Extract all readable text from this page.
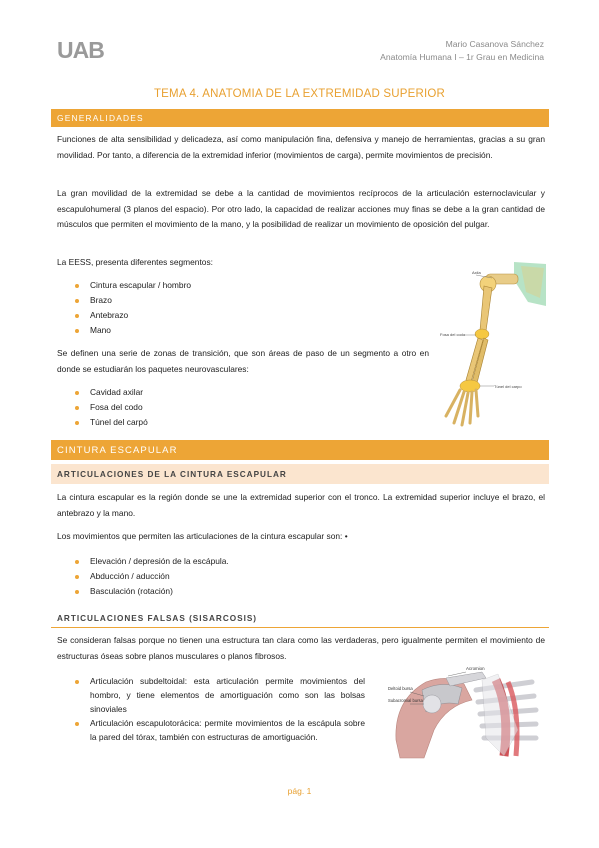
UAB	Mario Casanova Sánchez
Anatomía Humana I – 1r Grau en Medicina
TEMA 4. ANATOMIA DE LA EXTREMIDAD SUPERIOR
GENERALIDADES
Funciones de alta sensibilidad y delicadeza, así como manipulación fina, defensiva y manejo de herramientas, gracias a su gran movilidad. Por tanto, a diferencia de la extremidad inferior (movimientos de carga), permite movimientos de precisión.
La gran movilidad de la extremidad se debe a la cantidad de movimientos recíprocos de la articulación esternoclavicular y escapulohumeral (3 planos del espacio). Por otro lado, la capacidad de realizar acciones muy finas se debe a la gran cantidad de músculos que permiten el movimiento de la mano, y la posibilidad de realizar un movimiento de oposición del pulgar.
La EESS, presenta diferentes segmentos:
Cintura escapular / hombro
Brazo
Antebrazo
Mano
Se definen una serie de zonas de transición, que son áreas de paso de un segmento a otro en donde se estudiarán los paquetes neurovasculares:
Cavidad axilar
Fosa del codo
Túnel del carpó
Axila
Fosa del codo
Túnel del carpo
CINTURA ESCAPULAR
ARTICULACIONES DE LA CINTURA ESCAPULAR
La cintura escapular es la región donde se une la extremidad superior con el tronco. La extremidad superior incluye el brazo, el antebrazo y la mano.
Los movimientos que permiten las articulaciones de la cintura escapular son: •
Elevación / depresión de la escápula.
Abducción / aducción
Basculación (rotación)
ARTICULACIONES FALSAS (SISARCOSIS)
Se consideran falsas porque no tienen una estructura tan clara como las verdaderas, pero igualmente permiten el movimiento de estructuras óseas sobre planos musculares o planos fibrosos.
Articulación subdeltoidal: esta articulación permite movimientos del hombro, y tiene elementos de amortiguación como son las bolsas sinoviales
Articulación escapulotorácica: permite movimientos de la escápula sobre la pared del tórax, también con estructuras de amortiguación.
Acromion
Deltoid bursa
Subacromial bursa
pág. 1
